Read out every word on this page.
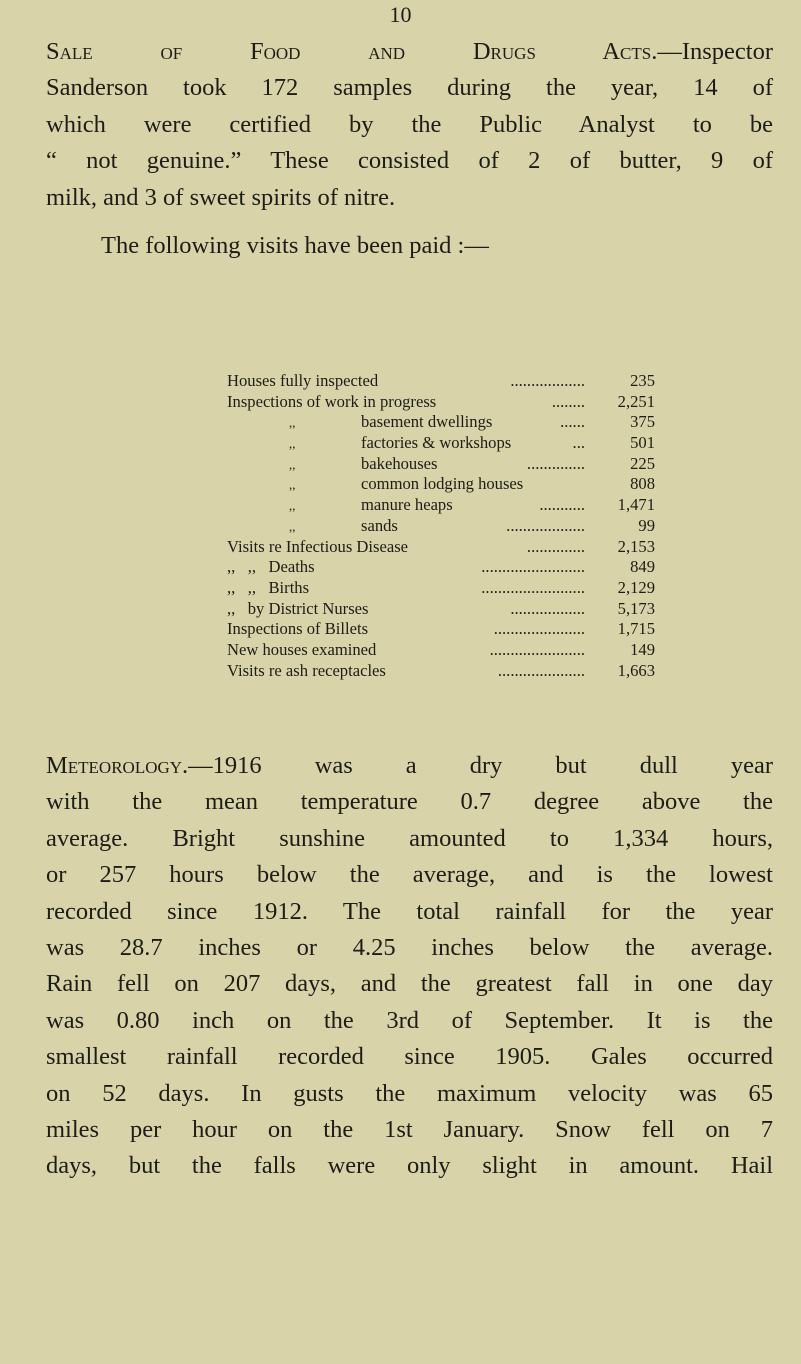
10
Sale of Food and Drugs Acts.—Inspector
Sanderson took 172 samples during the year, 14 of
which were certified by the Public Analyst to be
“ not genuine.” These consisted of 2 of butter, 9 of
milk, and 3 of sweet spirits of nitre.
The following visits have been paid :—
Houses fully inspected	..................	235
Inspections of work in progress	........	2,251
,,	basement dwellings	......	375
,,	factories & workshops	...	501
,,	bakehouses	..............	225
,,	common lodging houses	808
,,	manure heaps	...........	1,471
,,	sands	...................	99
Visits re Infectious Disease	..............	2,153
,,   ,,   Deaths	.........................	849
,,   ,,   Births	.........................	2,129
,,   by District Nurses	..................	5,173
Inspections of Billets	......................	1,715
New houses examined	.......................	149
Visits re ash receptacles	.....................	1,663
Meteorology.—1916 was a dry but dull year
with the mean temperature 0.7 degree above the
average. Bright sunshine amounted to 1,334 hours,
or 257 hours below the average, and is the lowest
recorded since 1912. The total rainfall for the year
was 28.7 inches or 4.25 inches below the average.
Rain fell on 207 days, and the greatest fall in one day
was 0.80 inch on the 3rd of September. It is the
smallest rainfall recorded since 1905. Gales occurred
on 52 days. In gusts the maximum velocity was 65
miles per hour on the 1st January. Snow fell on 7
days, but the falls were only slight in amount. Hail
